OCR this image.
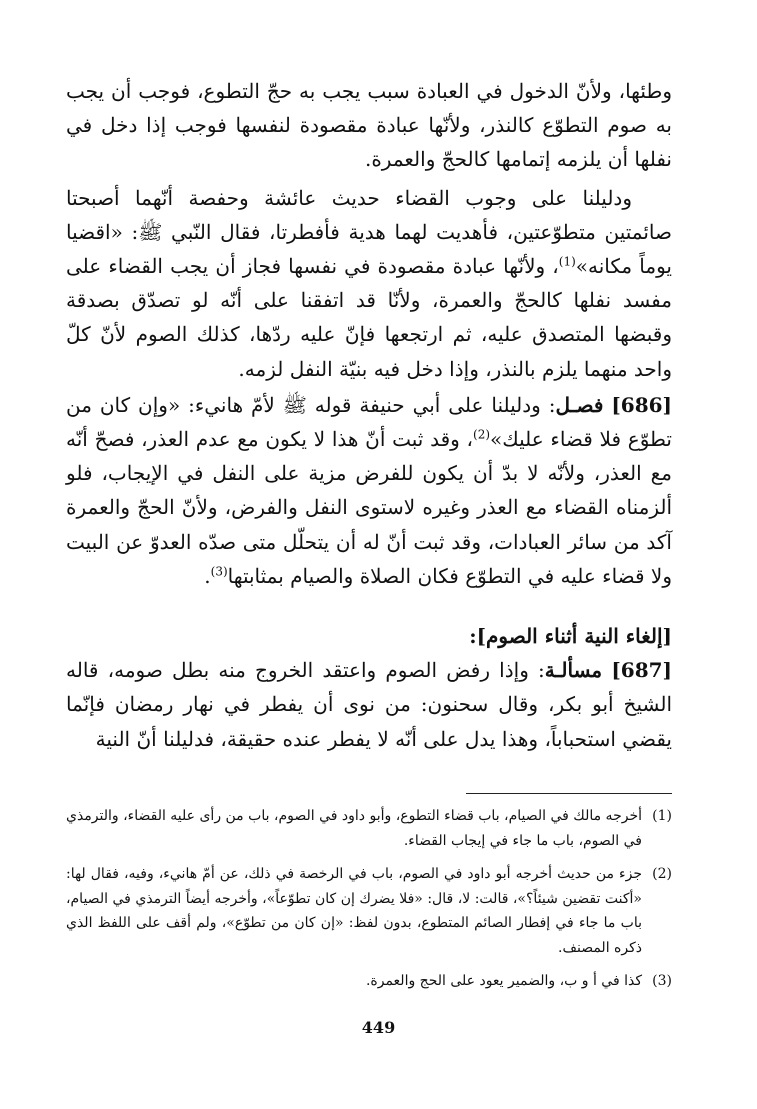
وطئها، ولأنّ الدخول في العبادة سبب يجب به حجّ التطوع، فوجب أن يجب به صوم التطوّع كالنذر، ولأنّها عبادة مقصودة لنفسها فوجب إذا دخل في نفلها أن يلزمه إتمامها كالحجّ والعمرة.

ودليلنا على وجوب القضاء حديث عائشة وحفصة أنّهما أصبحتا صائمتين متطوّعتين، فأهديت لهما هدية فأفطرتا، فقال النّبي ﷺ: «اقضيا يوماً مكانه»$^{(1)}$، ولأنّها عبادة مقصودة في نفسها فجاز أن يجب القضاء على مفسد نفلها كالحجّ والعمرة، ولأنّا قد اتفقنا على أنّه لو تصدّق بصدقة وقبضها المتصدق عليه، ثم ارتجعها فإنّ عليه ردّها، كذلك الصوم لأنّ كلّ واحد منهما يلزم بالنذر، وإذا دخل فيه بنيّة النفل لزمه.

[686] فصـل: ودليلنا على أبي حنيفة قوله ﷺ لأمّ هانيء: «وإن كان من تطوّع فلا قضاء عليك»$^{(2)}$، وقد ثبت أنّ هذا لا يكون مع عدم العذر، فصحّ أنّه مع العذر، ولأنّه لا بدّ أن يكون للفرض مزية على النفل في الإيجاب، فلو ألزمناه القضاء مع العذر وغيره لاستوى النفل والفرض، ولأنّ الحجّ والعمرة آكد من سائر العبادات، وقد ثبت أنّ له أن يتحلّل متى صدّه العدوّ عن البيت ولا قضاء عليه في التطوّع فكان الصلاة والصيام بمثابتها$^{(3)}$.

[إلغاء النية أثناء الصوم]:

[687] مسألـة: وإذا رفض الصوم واعتقد الخروج منه بطل صومه، قاله الشيخ أبو بكر، وقال سحنون: من نوى أن يفطر في نهار رمضان فإنّما يقضي استحباباً، وهذا يدل على أنّه لا يفطر عنده حقيقة، فدليلنا أنّ النية

(1)
أخرجه مالك في الصيام، باب قضاء التطوع، وأبو داود في الصوم، باب من رأى عليه القضاء، والترمذي في الصوم، باب ما جاء في إيجاب القضاء.
(2)
جزء من حديث أخرجه أبو داود في الصوم، باب في الرخصة في ذلك، عن أمّ هانيء، وفيه، فقال لها: «أكنت تقضين شيئاً؟»، قالت: لا، قال: «فلا يضرك إن كان تطوّعاً»، وأخرجه أيضاً الترمذي في الصيام، باب ما جاء في إفطار الصائم المتطوع، بدون لفظ: «إن كان من تطوّع»، ولم أقف على اللفظ الذي ذكره المصنف.
(3)
كذا في أ و ب، والضمير يعود على الحج والعمرة.
449
